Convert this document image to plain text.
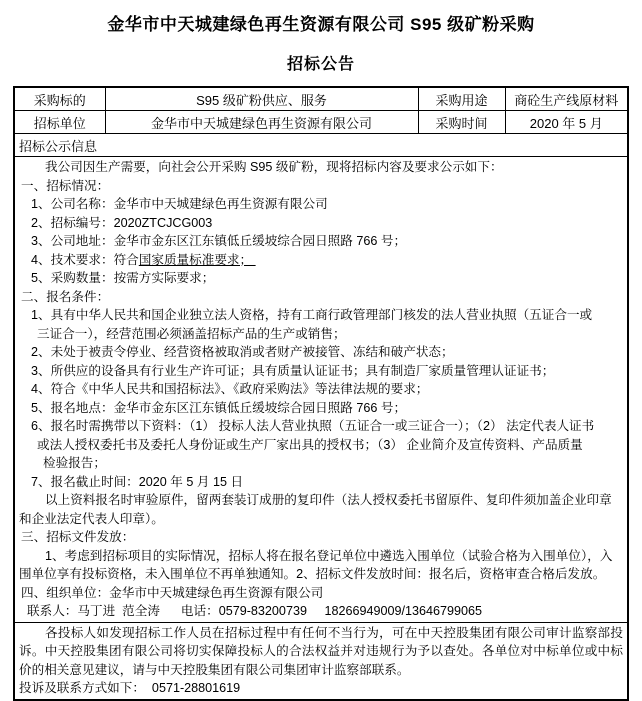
金华市中天城建绿色再生资源有限公司 S95 级矿粉采购
招标公告
采购标的	S95 级矿粉供应、服务	采购用途	商砼生产线原材料
招标单位	金华市中天城建绿色再生资源有限公司	采购时间	2020 年 5 月
招标公示信息			

我公司因生产需要，向社会公开采购 S95 级矿粉，现将招标内容及要求公示如下：
一、招标情况：
1、公司名称：金华市中天城建绿色再生资源有限公司
2、招标编号：2020ZTCJCG003
3、公司地址：金华市金东区江东镇低丘缓坡综合园日照路 766 号；
4、技术要求：符合国家质量标准要求；
5、采购数量：按需方实际要求；
二、报名条件：
1、具有中华人民共和国企业独立法人资格，持有工商行政管理部门核发的法人营业执照（五证合一或
三证合一），经营范围必须涵盖招标产品的生产或销售；
2、未处于被责令停业、经营资格被取消或者财产被接管、冻结和破产状态；
3、所供应的设备具有行业生产许可证；具有质量认证证书；具有制造厂家质量管理认证证书；
4、符合《中华人民共和国招标法》、《政府采购法》等法律法规的要求；
5、报名地点：金华市金东区江东镇低丘缓坡综合园日照路 766 号；
6、报名时需携带以下资料：（1） 投标人法人营业执照（五证合一或三证合一）；（2） 法定代表人证书
或法人授权委托书及委托人身份证或生产厂家出具的授权书；（3） 企业简介及宣传资料、产品质量
检验报告；
7、报名截止时间：2020 年 5 月 15 日
以上资料报名时审验原件，留两套装订成册的复印件（法人授权委托书留原件、复印件须加盖企业印章
和企业法定代表人印章）。
三、招标文件发放：
1、考虑到招标项目的实际情况，招标人将在报名登记单位中遴选入围单位（试验合格为入围单位），入
围单位享有投标资格，未入围单位不再单独通知。2、招标文件发放时间：报名后，资格审查合格后发放。
四、组织单位：金华市中天城建绿色再生资源有限公司
联系人：马丁进  范全涛      电话：0579-83200739     18266949009/13646799065

各投标人如发现招标工作人员在招标过程中有任何不当行为，可在中天控股集团有限公司审计监察部投诉。中天控股集团有限公司将切实保障投标人的合法权益并对违规行为予以查处。各单位对中标单位或中标价的相关意见建议，请与中天控股集团有限公司集团审计监察部联系。
投诉及联系方式如下：  0571-28801619			
